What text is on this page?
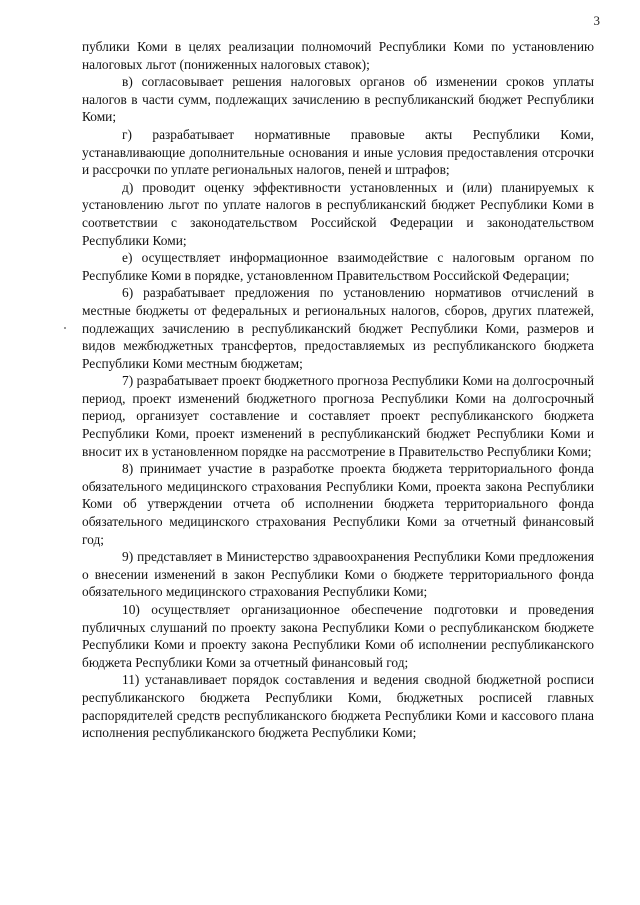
3

публики Коми в целях реализации полномочий Республики Коми по установлению налоговых льгот (пониженных налоговых ставок);

в) согласовывает решения налоговых органов об изменении сроков уплаты налогов в части сумм, подлежащих зачислению в республиканский бюджет Республики Коми;

г) разрабатывает нормативные правовые акты Республики Коми, устанавливающие дополнительные основания и иные условия предоставления отсрочки и рассрочки по уплате региональных налогов, пеней и штрафов;

д) проводит оценку эффективности установленных и (или) планируемых к установлению льгот по уплате налогов в республиканский бюджет Республики Коми в соответствии с законодательством Российской Федерации и законодательством Республики Коми;

е) осуществляет информационное взаимодействие с налоговым органом по Республике Коми в порядке, установленном Правительством Российской Федерации;

6) разрабатывает предложения по установлению нормативов отчислений в местные бюджеты от федеральных и региональных налогов, сборов, других платежей, подлежащих зачислению в республиканский бюджет Республики Коми, размеров и видов межбюджетных трансфертов, предоставляемых из республиканского бюджета Республики Коми местным бюджетам;

7) разрабатывает проект бюджетного прогноза Республики Коми на долгосрочный период, проект изменений бюджетного прогноза Республики Коми на долгосрочный период, организует составление и составляет проект республиканского бюджета Республики Коми, проект изменений в республиканский бюджет Республики Коми и вносит их в установленном порядке на рассмотрение в Правительство Республики Коми;

8) принимает участие в разработке проекта бюджета территориального фонда обязательного медицинского страхования Республики Коми, проекта закона Республики Коми об утверждении отчета об исполнении бюджета территориального фонда обязательного медицинского страхования Республики Коми за отчетный финансовый год;

9) представляет в Министерство здравоохранения Республики Коми предложения о внесении изменений в закон Республики Коми о бюджете территориального фонда обязательного медицинского страхования Республики Коми;

10) осуществляет организационное обеспечение подготовки и проведения публичных слушаний по проекту закона Республики Коми о республиканском бюджете Республики Коми и проекту закона Республики Коми об исполнении республиканского бюджета Республики Коми за отчетный финансовый год;

11) устанавливает порядок составления и ведения сводной бюджетной росписи республиканского бюджета Республики Коми, бюджетных росписей главных распорядителей средств республиканского бюджета Республики Коми и кассового плана исполнения республиканского бюджета Республики Коми;
